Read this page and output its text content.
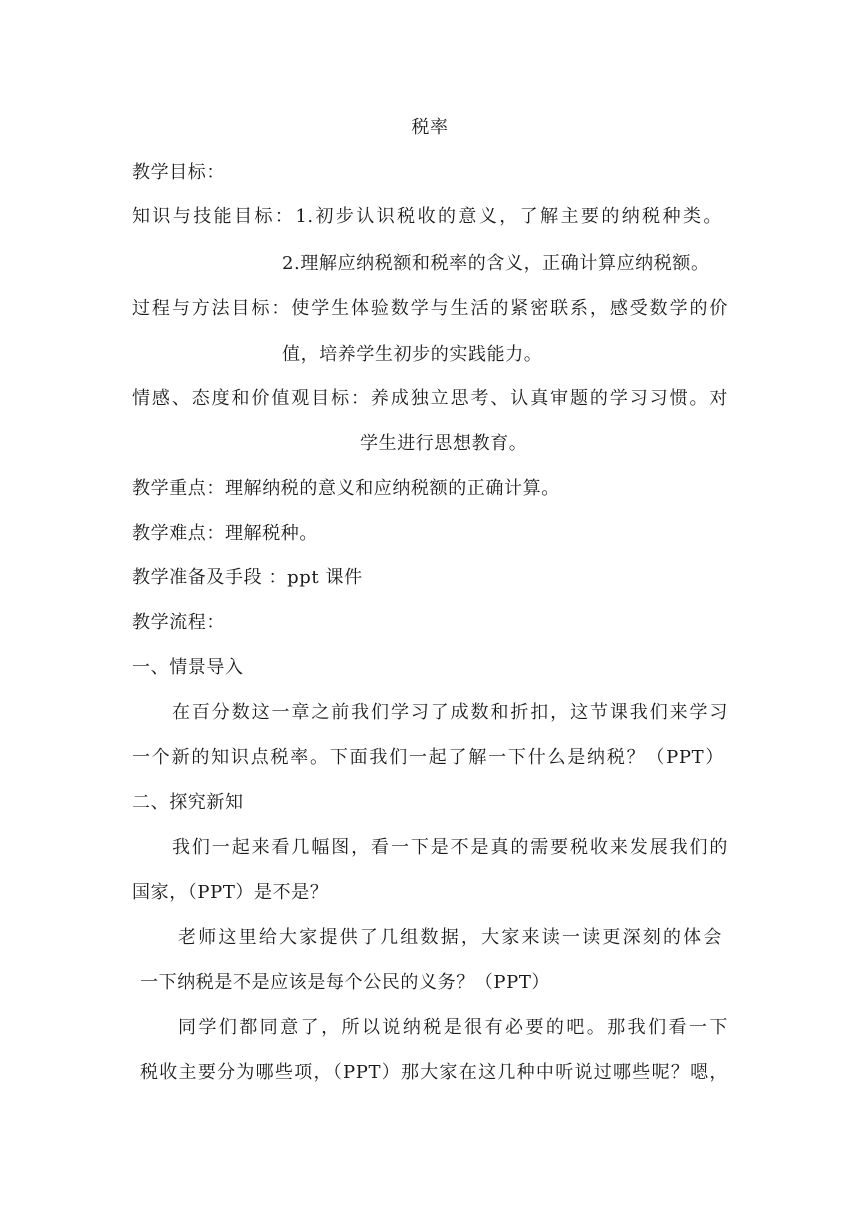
税率
教学目标：
知识与技能目标：1.初步认识税收的意义，了解主要的纳税种类。
2.理解应纳税额和税率的含义，正确计算应纳税额。
过程与方法目标：使学生体验数学与生活的紧密联系，感受数学的价
值，培养学生初步的实践能力。
情感、态度和价值观目标：养成独立思考、认真审题的学习习惯。对
学生进行思想教育。
教学重点：理解纳税的意义和应纳税额的正确计算。
教学难点：理解税种。
教学准备及手段 ：ppt 课件
教学流程：
一、情景导入
在百分数这一章之前我们学习了成数和折扣，这节课我们来学习
一个新的知识点税率。下面我们一起了解一下什么是纳税？（PPT）
二、探究新知
我们一起来看几幅图，看一下是不是真的需要税收来发展我们的
国家，（PPT）是不是？
老师这里给大家提供了几组数据，大家来读一读更深刻的体会
一下纳税是不是应该是每个公民的义务？（PPT）
同学们都同意了，所以说纳税是很有必要的吧。那我们看一下
税收主要分为哪些项，（PPT）那大家在这几种中听说过哪些呢？嗯，
